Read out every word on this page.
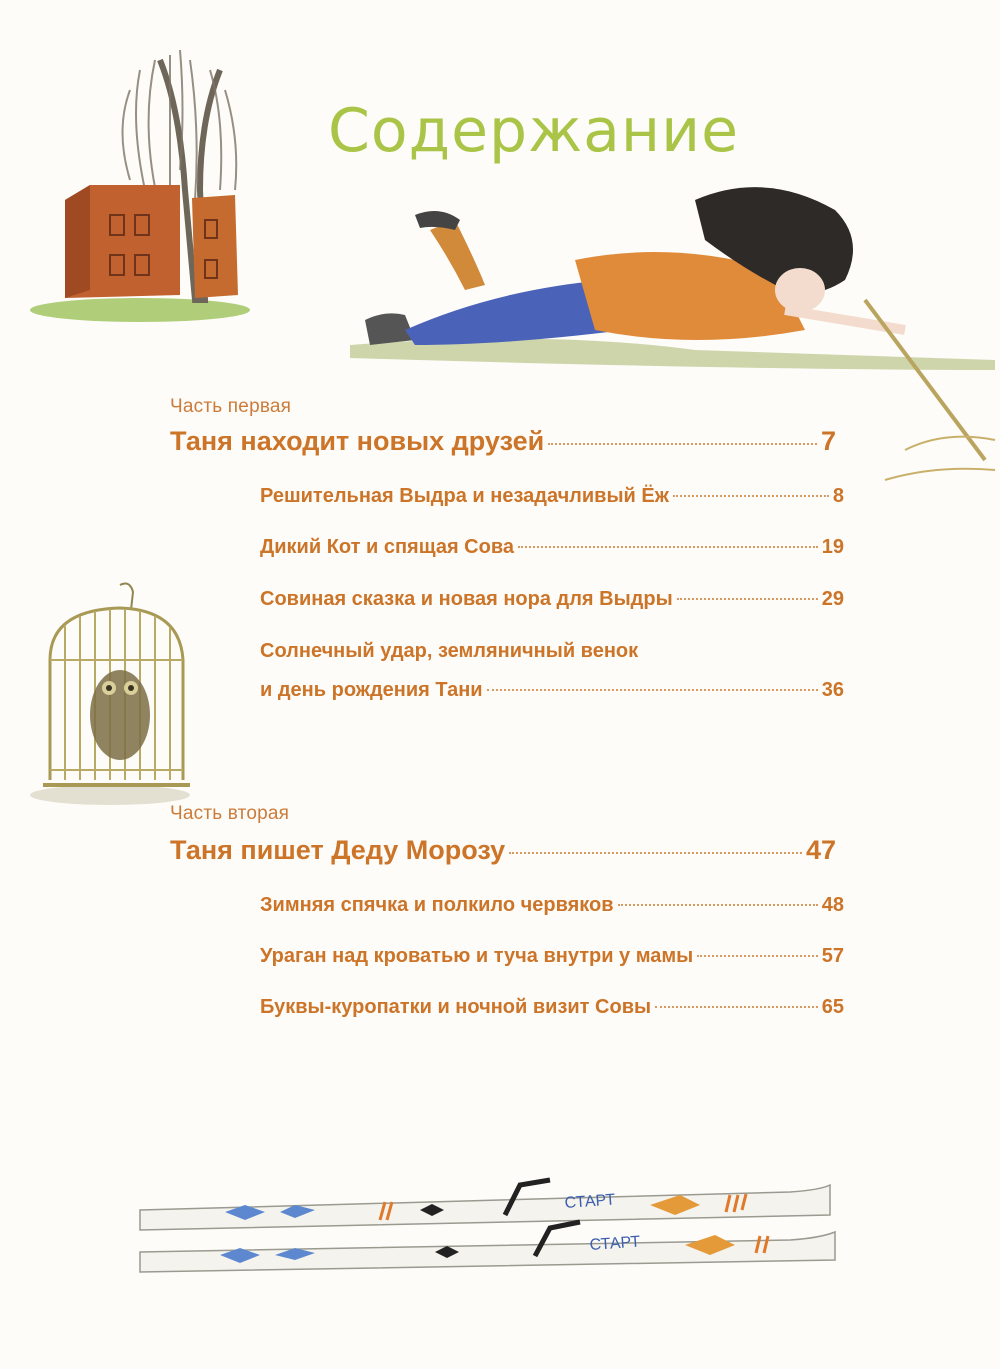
Содержание
Часть первая
Таня находит новых друзей	7
Решительная Выдра и незадачливый Ёж	8
Дикий Кот и спящая Сова	19
Совиная сказка и новая нора для Выдры	29
Солнечный удар, земляничный венок
и день рождения Тани	36
Часть вторая
Таня пишет Деду Морозу	47
Зимняя спячка и полкило червяков	48
Ураган над кроватью и туча внутри у мамы	57
Буквы-куропатки и ночной визит Совы	65
СТАРТ
СТАРТ
